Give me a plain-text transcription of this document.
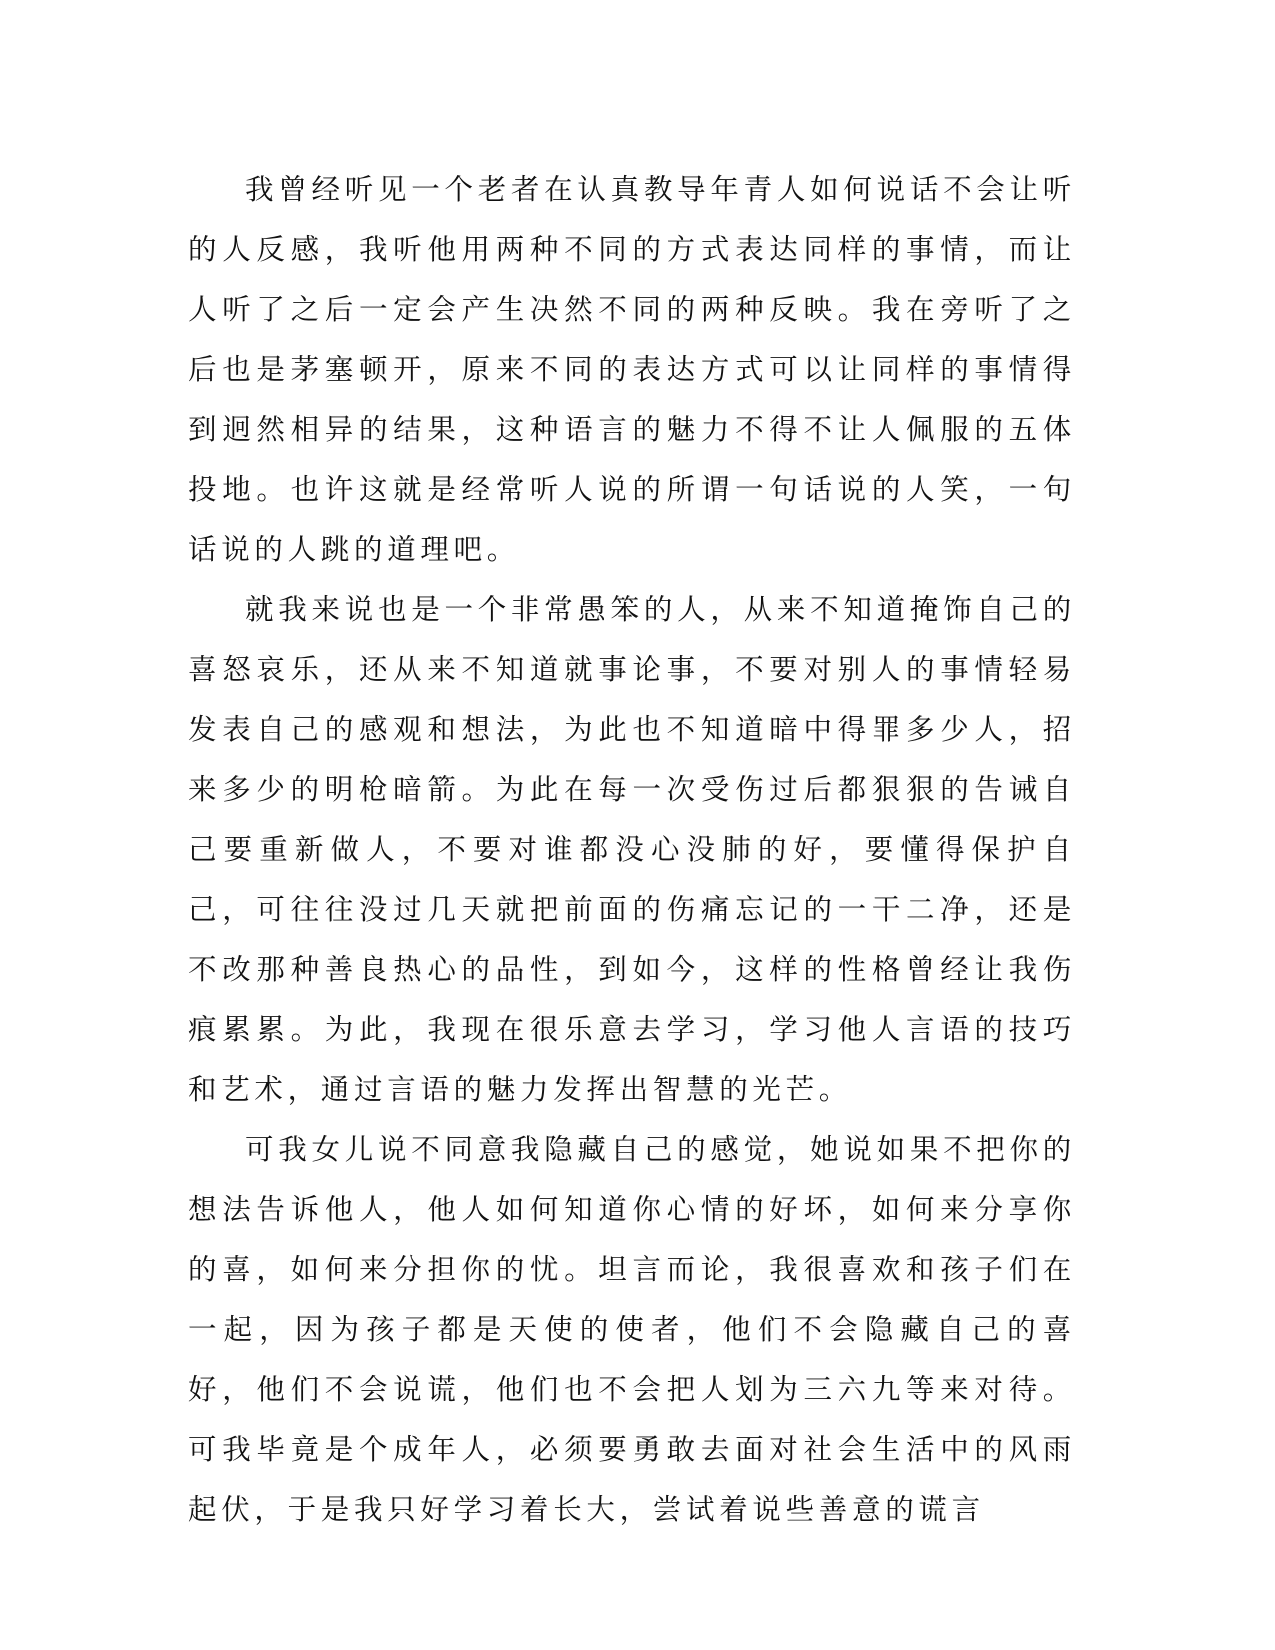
我曾经听见一个老者在认真教导年青人如何说话不会让听的人反感，我听他用两种不同的方式表达同样的事情，而让人听了之后一定会产生决然不同的两种反映。我在旁听了之后也是茅塞顿开，原来不同的表达方式可以让同样的事情得到迥然相异的结果，这种语言的魅力不得不让人佩服的五体投地。也许这就是经常听人说的所谓一句话说的人笑，一句话说的人跳的道理吧。

就我来说也是一个非常愚笨的人，从来不知道掩饰自己的喜怒哀乐，还从来不知道就事论事，不要对别人的事情轻易发表自己的感观和想法，为此也不知道暗中得罪多少人，招来多少的明枪暗箭。为此在每一次受伤过后都狠狠的告诫自己要重新做人，不要对谁都没心没肺的好，要懂得保护自己，可往往没过几天就把前面的伤痛忘记的一干二净，还是不改那种善良热心的品性，到如今，这样的性格曾经让我伤痕累累。为此，我现在很乐意去学习，学习他人言语的技巧和艺术，通过言语的魅力发挥出智慧的光芒。

可我女儿说不同意我隐藏自己的感觉，她说如果不把你的想法告诉他人，他人如何知道你心情的好坏，如何来分享你的喜，如何来分担你的忧。坦言而论，我很喜欢和孩子们在一起，因为孩子都是天使的使者，他们不会隐藏自己的喜好，他们不会说谎，他们也不会把人划为三六九等来对待。可我毕竟是个成年人，必须要勇敢去面对社会生活中的风雨起伏，于是我只好学习着长大，尝试着说些善意的谎言
